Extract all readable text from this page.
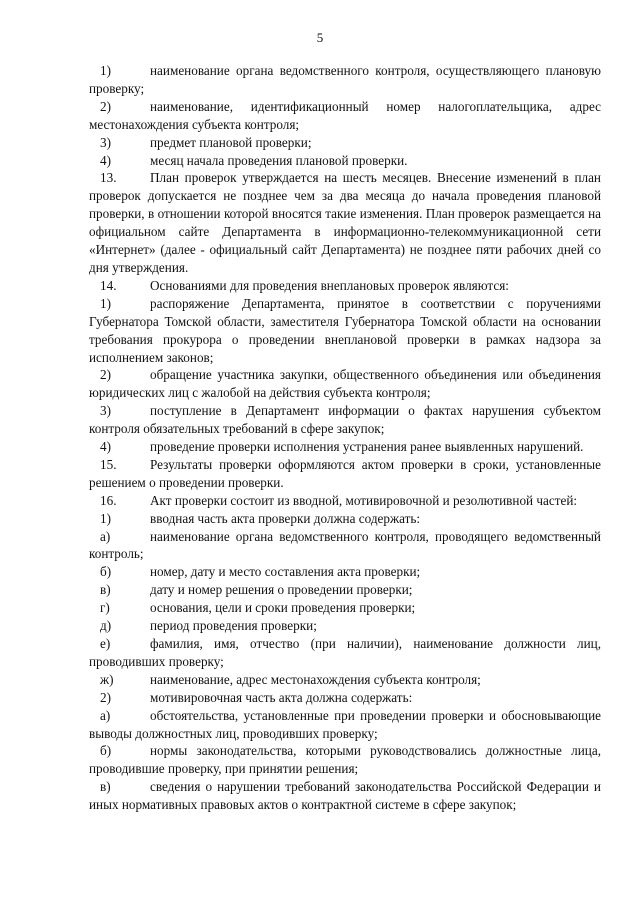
5

1)	наименование органа ведомственного контроля, осуществляющего плановую проверку;

2)	наименование, идентификационный номер налогоплательщика, адрес местонахождения субъекта контроля;

3)	предмет плановой проверки;

4)	месяц начала проведения плановой проверки.

13.	План проверок утверждается на шесть месяцев. Внесение изменений в план проверок допускается не позднее чем за два месяца до начала проведения плановой проверки, в отношении которой вносятся такие изменения. План проверок размещается на официальном сайте Департамента в информационно-телекоммуникационной сети «Интернет» (далее - официальный сайт Департамента) не позднее пяти рабочих дней со дня утверждения.

14.	Основаниями для проведения внеплановых проверок являются:

1)	распоряжение Департамента, принятое в соответствии с поручениями Губернатора Томской области, заместителя Губернатора Томской области на основании требования прокурора о проведении внеплановой проверки в рамках надзора за исполнением законов;

2)	обращение участника закупки, общественного объединения или объединения юридических лиц с жалобой на действия субъекта контроля;

3)	поступление в Департамент информации о фактах нарушения субъектом контроля обязательных требований в сфере закупок;

4)	проведение проверки исполнения устранения ранее выявленных нарушений.

15.	Результаты проверки оформляются актом проверки в сроки, установленные решением о проведении проверки.

16.	Акт проверки состоит из вводной, мотивировочной и резолютивной частей:

1)	вводная часть акта проверки должна содержать:

а)	наименование органа ведомственного контроля, проводящего ведомственный контроль;

б)	номер, дату и место составления акта проверки;

в)	дату и номер решения о проведении проверки;

г)	основания, цели и сроки проведения проверки;

д)	период проведения проверки;

е)	фамилия, имя, отчество (при наличии), наименование должности лиц, проводивших проверку;

ж)	наименование, адрес местонахождения субъекта контроля;

2)	мотивировочная часть акта должна содержать:

а)	обстоятельства, установленные при проведении проверки и обосновывающие выводы должностных лиц, проводивших проверку;

б)	нормы законодательства, которыми руководствовались должностные лица, проводившие проверку, при принятии решения;

в)	сведения о нарушении требований законодательства Российской Федерации и иных нормативных правовых актов о контрактной системе в сфере закупок;
